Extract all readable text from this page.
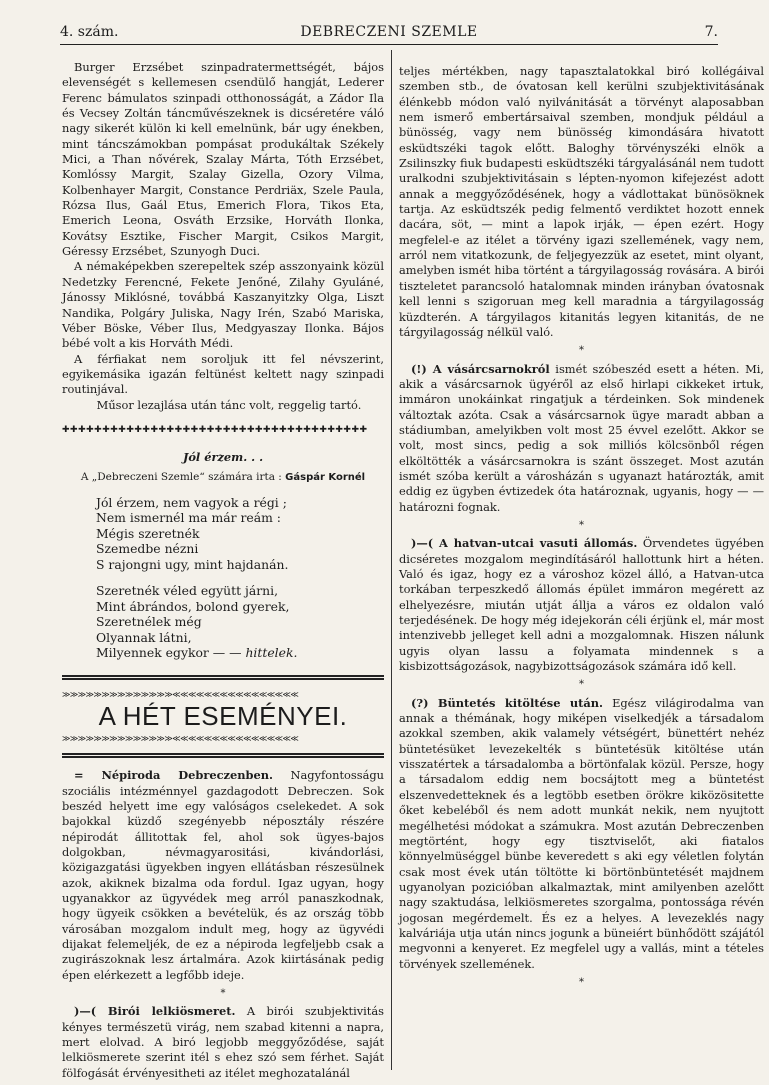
4. szám.	DEBRECZENI SZEMLE	7.

Burger Erzsébet szinpadratermettségét, bájos elevenségét s kellemesen csendülő hangját, Lederer Ferenc bámulatos szinpadi otthonosságát, a Zádor Ila és Vecsey Zoltán táncművészeknek is dicséretére váló nagy sikerét külön ki kell emelnünk, bár ugy énekben, mint táncszámokban pompásat produkáltak Székely Mici, a Than nővérek, Szalay Márta, Tóth Erzsébet, Komlóssy Margit, Szalay Gizella, Ozory Vilma, Kolbenhayer Margit, Constance Perdriäx, Szele Paula, Rózsa Ilus, Gaál Etus, Emerich Flora, Tikos Eta, Emerich Leona, Osváth Erzsike, Horváth Ilonka, Kovátsy Esztike, Fischer Margit, Csikos Margit, Géressy Erzsébet, Szunyogh Duci.

A némaképekben szerepeltek szép asszonyaink közül Nedetzky Ferencné, Fekete Jenőné, Zilahy Gyuláné, Jánossy Miklósné, továbbá Kaszanyitzky Olga, Liszt Nandika, Polgáry Juliska, Nagy Irén, Szabó Mariska, Véber Böske, Véber Ilus, Medgyaszay Ilonka. Bájos bébé volt a kis Horváth Médi.

A férfiakat nem soroljuk itt fel névszerint, egyikemásika igazán feltünést keltett nagy szinpadi routinjával.

Műsor lezajlása után tánc volt, reggelig tartó.

✚✚✚✚✚✚✚✚✚✚✚✚✚✚✚✚✚✚✚✚✚✚✚✚✚✚✚✚✚✚✚✚✚✚✚✚✚✚

Jól érzem. . .

A „Debreczeni Szemle“ számára irta : Gáspár Kornél

Jól érzem, nem vagyok a régi ;
Nem ismernél ma már reám :
Mégis szeretnék
Szemedbe nézni
S rajongni ugy, mint hajdanán.
Szeretnék véled együtt járni,
Mint ábrándos, bolond gyerek,
Szeretnélek még
Olyannak látni,
Milyennek egykor — — hittelek.
≫≫≫≫≫≫≫≫≫≫≫≫≫≫≪≪≪≪≪≪≪≪≪≪≪≪≪≪≪≪
A HÉT ESEMÉNYEI.
≫≫≫≫≫≫≫≫≫≫≫≫≫≫≪≪≪≪≪≪≪≪≪≪≪≪≪≪≪≪

= Népiroda Debreczenben. Nagyfontosságu szociális intézménnyel gazdagodott Debreczen. Sok beszéd helyett ime egy valóságos cselekedet. A sok bajokkal küzdő szegényebb néposztály részére népirodát állitottak fel, ahol sok ügyes-bajos dolgokban, névmagyarositási, kivándorlási, közigazgatási ügyekben ingyen ellátásban részesülnek azok, akiknek bizalma oda fordul. Igaz ugyan, hogy ugyanakkor az ügyvédek meg arról panaszkodnak, hogy ügyeik csökken a bevételük, és az ország több városában mozgalom indult meg, hogy az ügyvédi dijakat felemeljék, de ez a népiroda legfeljebb csak a zugirászoknak lesz ártalmára. Azok kiirtásának pedig épen elérkezett a legfőbb ideje.

*

)—( Birói lelkiösmeret. A birói szubjektivitás kényes természetü virág, nem szabad kitenni a napra, mert elolvad. A biró legjobb meggyőződése, saját lelkiösmerete szerint itél s ehez szó sem férhet. Saját fölfogását érvényesitheti az itélet meghozatalánál

teljes mértékben, nagy tapasztalatokkal biró kollégáival szemben stb., de óvatosan kell kerülni szubjektivitásának élénkebb módon való nyilvánitását a törvényt alaposabban nem ismerő embertársaival szemben, mondjuk például a bünösség, vagy nem bünösség kimondására hivatott esküdtszéki tagok előtt. Baloghy törvényszéki elnök a Zsilinszky fiuk budapesti esküdtszéki tárgyalásánál nem tudott uralkodni szubjektivitásain s lépten-nyomon kifejezést adott annak a meggyőződésének, hogy a vádlottakat bünösöknek tartja. Az esküdtszék pedig felmentő verdiktet hozott ennek dacára, söt, — mint a lapok irják, — épen ezért. Hogy megfelel-e az itélet a törvény igazi szellemének, vagy nem, arról nem vitatkozunk, de feljegyezzük az esetet, mint olyant, amelyben ismét hiba történt a tárgyilagosság rovására. A birói tiszteletet parancsoló hatalomnak minden irányban óvatosnak kell lenni s szigoruan meg kell maradnia a tárgyilagosság küzdterén. A tárgyilagos kitanitás legyen kitanitás, de ne tárgyilagosság nélkül való.

*

(!) A vásárcsarnokról ismét szóbeszéd esett a héten. Mi, akik a vásárcsarnok ügyéről az első hirlapi cikkeket irtuk, immáron unokáinkat ringatjuk a térdeinken. Sok mindenek változtak azóta. Csak a vásárcsarnok ügye maradt abban a stádiumban, amelyikben volt most 25 évvel ezelőtt. Akkor se volt, most sincs, pedig a sok milliós kölcsönből régen elköltötték a vásárcsarnokra is szánt összeget. Most azután ismét szóba került a városházán s ugyanazt határozták, amit eddig ez ügyben évtizedek óta határoznak, ugyanis, hogy — — határozni fognak.

*

)—( A hatvan-utcai vasuti állomás. Örvendetes ügyében dicséretes mozgalom megindításáról hallottunk hirt a héten. Való és igaz, hogy ez a városhoz közel álló, a Hatvan-utca torkában terpeszkedő állomás épület immáron megérett az elhelyezésre, miután utját állja a város ez oldalon való terjedésének. De hogy még idejekorán céli érjünk el, már most intenzivebb jelleget kell adni a mozgalomnak. Hiszen nálunk ugyis olyan lassu a folyamata mindennek s a kisbizottságozások, nagybizottságozások számára idő kell.

*

(?) Büntetés kitöltése után. Egész világirodalma van annak a thémának, hogy miképen viselkedjék a társadalom azokkal szemben, akik valamely vétségért, bünettért nehéz büntetésüket levezekelték s büntetésük kitöltése után visszatértek a társadalomba a börtönfalak közül. Persze, hogy a társadalom eddig nem bocsájtott meg a büntetést elszenvedetteknek és a legtöbb esetben örökre kiközösitette őket kebeléből és nem adott munkát nekik, nem nyujtott megélhetési módokat a számukra. Most azután Debreczenben megtörtént, hogy egy tisztviselőt, aki fiatalos könnyelmüséggel bünbe keveredett s aki egy véletlen folytán csak most évek után töltötte ki börtönbüntetését majdnem ugyanolyan pozicióban alkalmaztak, mint amilyenben azelőtt nagy szaktudása, lelkiösmeretes szorgalma, pontossága révén jogosan megérdemelt. És ez a helyes. A levezeklés nagy kalváriája utja után nincs jogunk a büneiért bünhődött szájától megvonni a kenyeret. Ez megfelel ugy a vallás, mint a tételes törvények szellemének.

*
